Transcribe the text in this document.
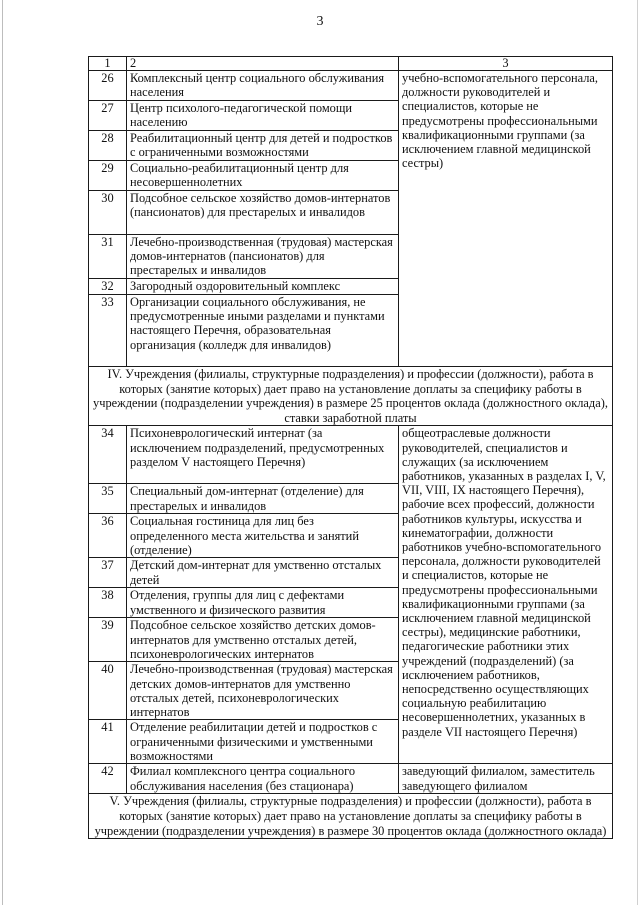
3
1	2	3
26	Комплексный центр социального обслуживания населения	учебно-вспомогательного персонала, должности руководителей и специалистов, которые не предусмотрены профессиональными квалификационными группами (за исключением главной медицинской сестры)
27	Центр психолого-педагогической помощи населению	
28	Реабилитационный центр для детей и подростков с ограниченными возможностями	
29	Социально-реабилитационный центр для несовершеннолетних	
30	Подсобное сельское хозяйство домов-интернатов (пансионатов) для престарелых и инвалидов	
31	Лечебно-производственная (трудовая) мастерская домов-интернатов (пансионатов) для престарелых и инвалидов	
32	Загородный оздоровительный комплекс	
33	Организации социального обслуживания, не предусмотренные иными разделами и пунктами настоящего Перечня, образовательная организация (колледж для инвалидов)	
IV. Учреждения (филиалы, структурные подразделения) и профессии (должности), работа в которых (занятие которых) дает право на установление доплаты за специфику работы в учреждении (подразделении учреждения) в размере 25 процентов оклада (должностного оклада), ставки заработной платы		
34	Психоневрологический интернат (за исключением подразделений, предусмотренных разделом V настоящего Перечня)	общеотраслевые должности руководителей, специалистов и служащих (за исключением работников, указанных в разделах I, V, VII, VIII, IX настоящего Перечня), рабочие всех профессий, должности работников культуры, искусства и кинематографии, должности работников учебно-вспомогательного персонала, должности руководителей и специалистов, которые не предусмотрены профессиональными квалификационными группами (за исключением главной медицинской сестры), медицинские работники, педагогические работники этих учреждений (подразделений) (за исключением работников, непосредственно осуществляющих социальную реабилитацию несовершеннолетних, указанных в разделе VII настоящего Перечня)
35	Специальный дом-интернат (отделение) для престарелых и инвалидов	
36	Социальная гостиница для лиц без определенного места жительства и занятий (отделение)	
37	Детский дом-интернат для умственно отсталых детей	
38	Отделения, группы для лиц с дефектами умственного и физического развития	
39	Подсобное сельское хозяйство детских домов-интернатов для умственно отсталых детей, психоневрологических интернатов	
40	Лечебно-производственная (трудовая) мастерская детских домов-интернатов для умственно отсталых детей, психоневрологических интернатов	
41	Отделение реабилитации детей и подростков с ограниченными физическими и умственными возможностями	
42	Филиал комплексного центра социального обслуживания населения (без стационара)	заведующий филиалом, заместитель заведующего филиалом
V. Учреждения (филиалы, структурные подразделения) и профессии (должности), работа в которых (занятие которых) дает право на установление доплаты за специфику работы в учреждении (подразделении учреждения) в размере 30 процентов оклада (должностного оклада)		
